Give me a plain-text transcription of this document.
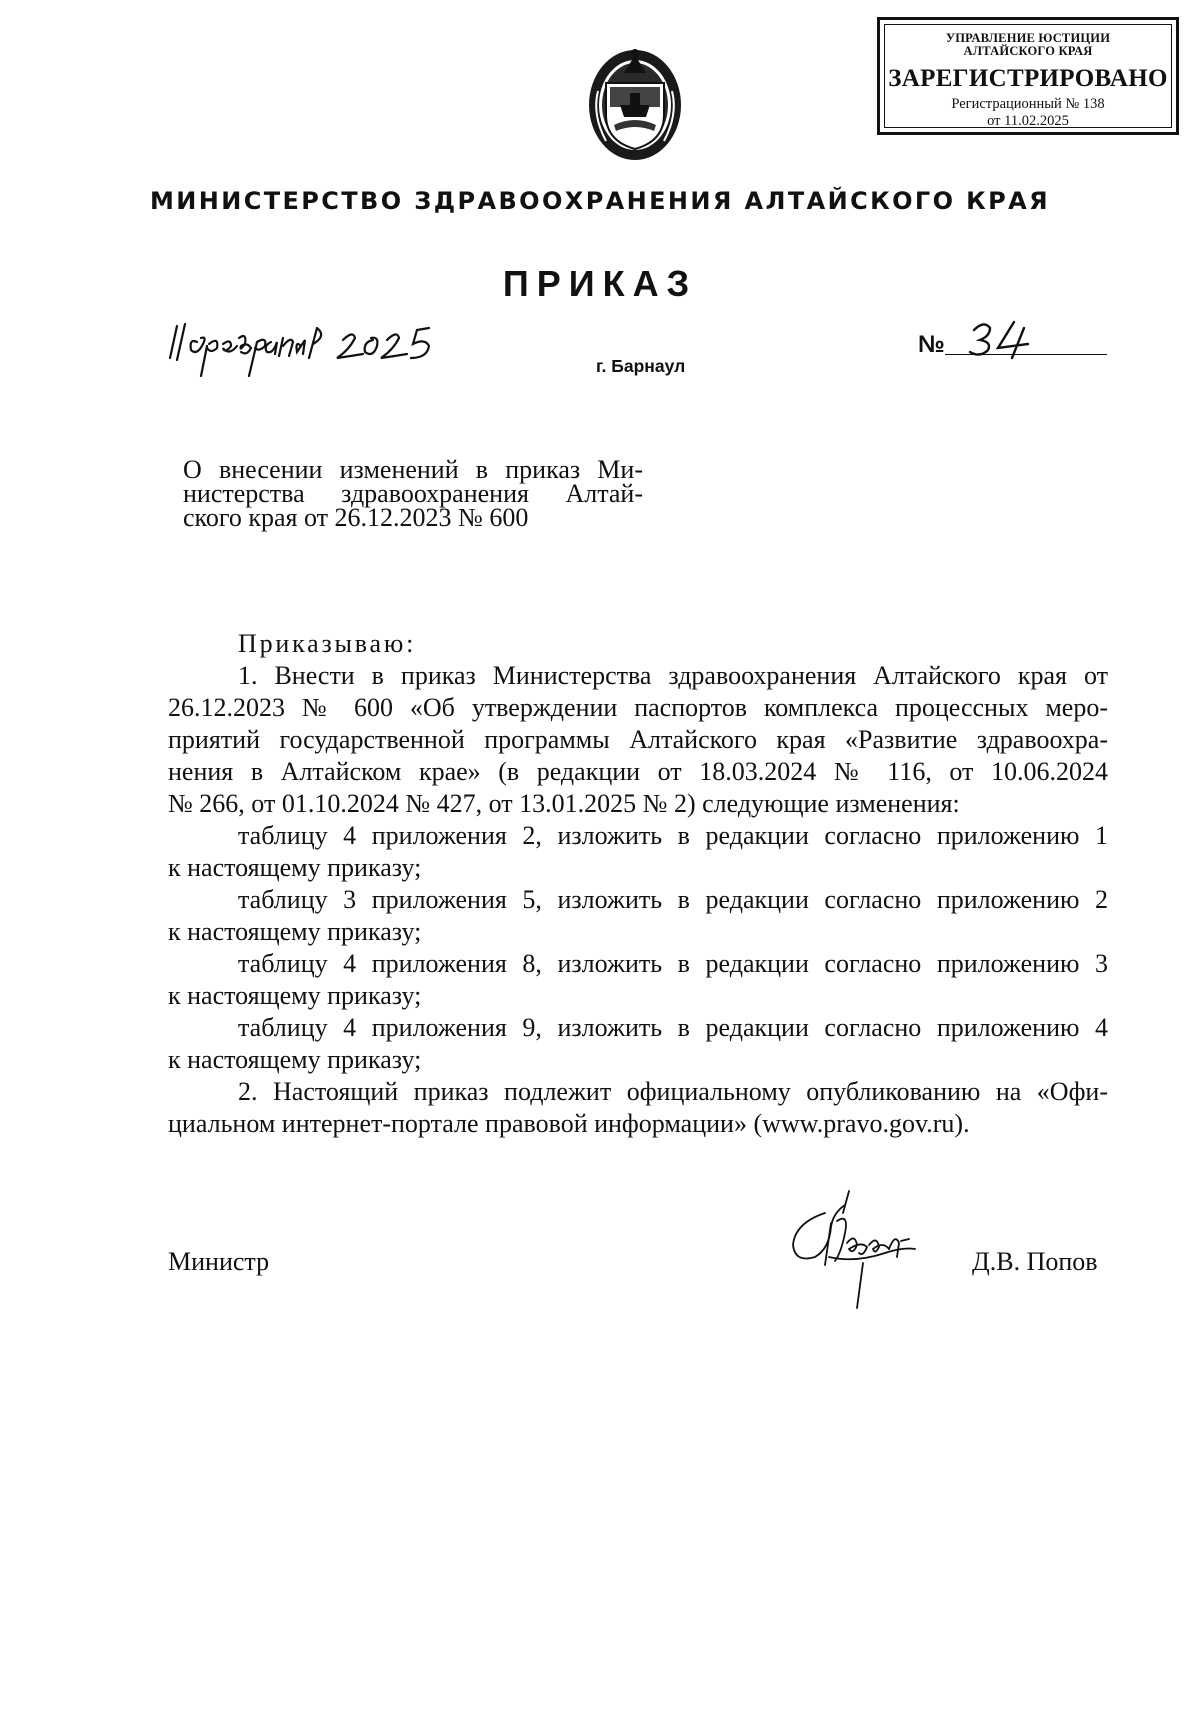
УПРАВЛЕНИЕ ЮСТИЦИИ
АЛТАЙСКОГО КРАЯ
ЗАРЕГИСТРИРОВАНО
Регистрационный № 138
от 11.02.2025
МИНИСТЕРСТВО ЗДРАВООХРАНЕНИЯ АЛТАЙСКОГО КРАЯ
ПРИКАЗ
№
г. Барнаул
О внесении изменений в приказ Ми-
нистерства здравоохранения Алтай-
ского края от 26.12.2023 № 600
Приказываю:
1. Внести в приказ Министерства здравоохранения Алтайского края от
26.12.2023 № 600 «Об утверждении паспортов комплекса процессных меро-
приятий государственной программы Алтайского края «Развитие здравоохра-
нения в Алтайском крае» (в редакции от 18.03.2024 № 116, от 10.06.2024
№ 266, от 01.10.2024 № 427, от 13.01.2025 № 2) следующие изменения:
таблицу 4 приложения 2, изложить в редакции согласно приложению 1
к настоящему приказу;
таблицу 3 приложения 5, изложить в редакции согласно приложению 2
к настоящему приказу;
таблицу 4 приложения 8, изложить в редакции согласно приложению 3
к настоящему приказу;
таблицу 4 приложения 9, изложить в редакции согласно приложению 4
к настоящему приказу;
2. Настоящий приказ подлежит официальному опубликованию на «Офи-
циальном интернет-портале правовой информации» (www.pravo.gov.ru).
Министр	Д.В. Попов
